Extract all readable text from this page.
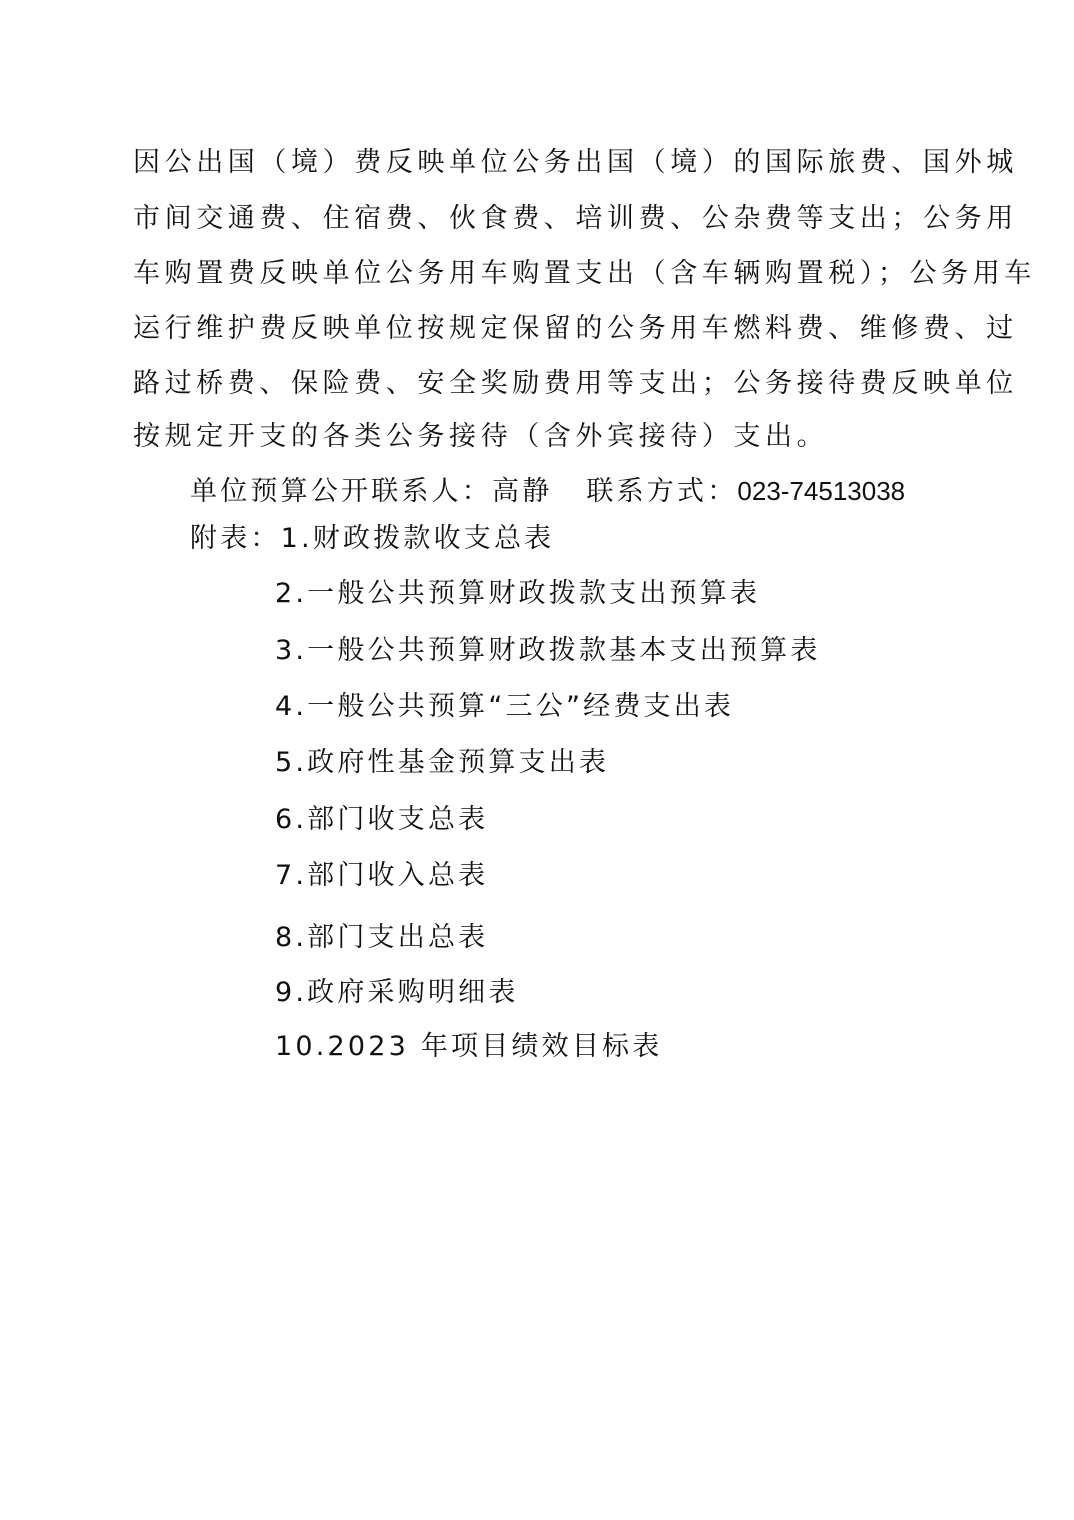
因公出国（境）费反映单位公务出国（境）的国际旅费、国外城
市间交通费、住宿费、伙食费、培训费、公杂费等支出；公务用
车购置费反映单位公务用车购置支出（含车辆购置税）；公务用车
运行维护费反映单位按规定保留的公务用车燃料费、维修费、过
路过桥费、保险费、安全奖励费用等支出；公务接待费反映单位
按规定开支的各类公务接待（含外宾接待）支出。
单位预算公开联系人：高静 联系方式：023-74513038
附表：1.财政拨款收支总表
2.一般公共预算财政拨款支出预算表
3.一般公共预算财政拨款基本支出预算表
4.一般公共预算“三公”经费支出表
5.政府性基金预算支出表
6.部门收支总表
7.部门收入总表
8.部门支出总表
9.政府采购明细表
10.2023 年项目绩效目标表
